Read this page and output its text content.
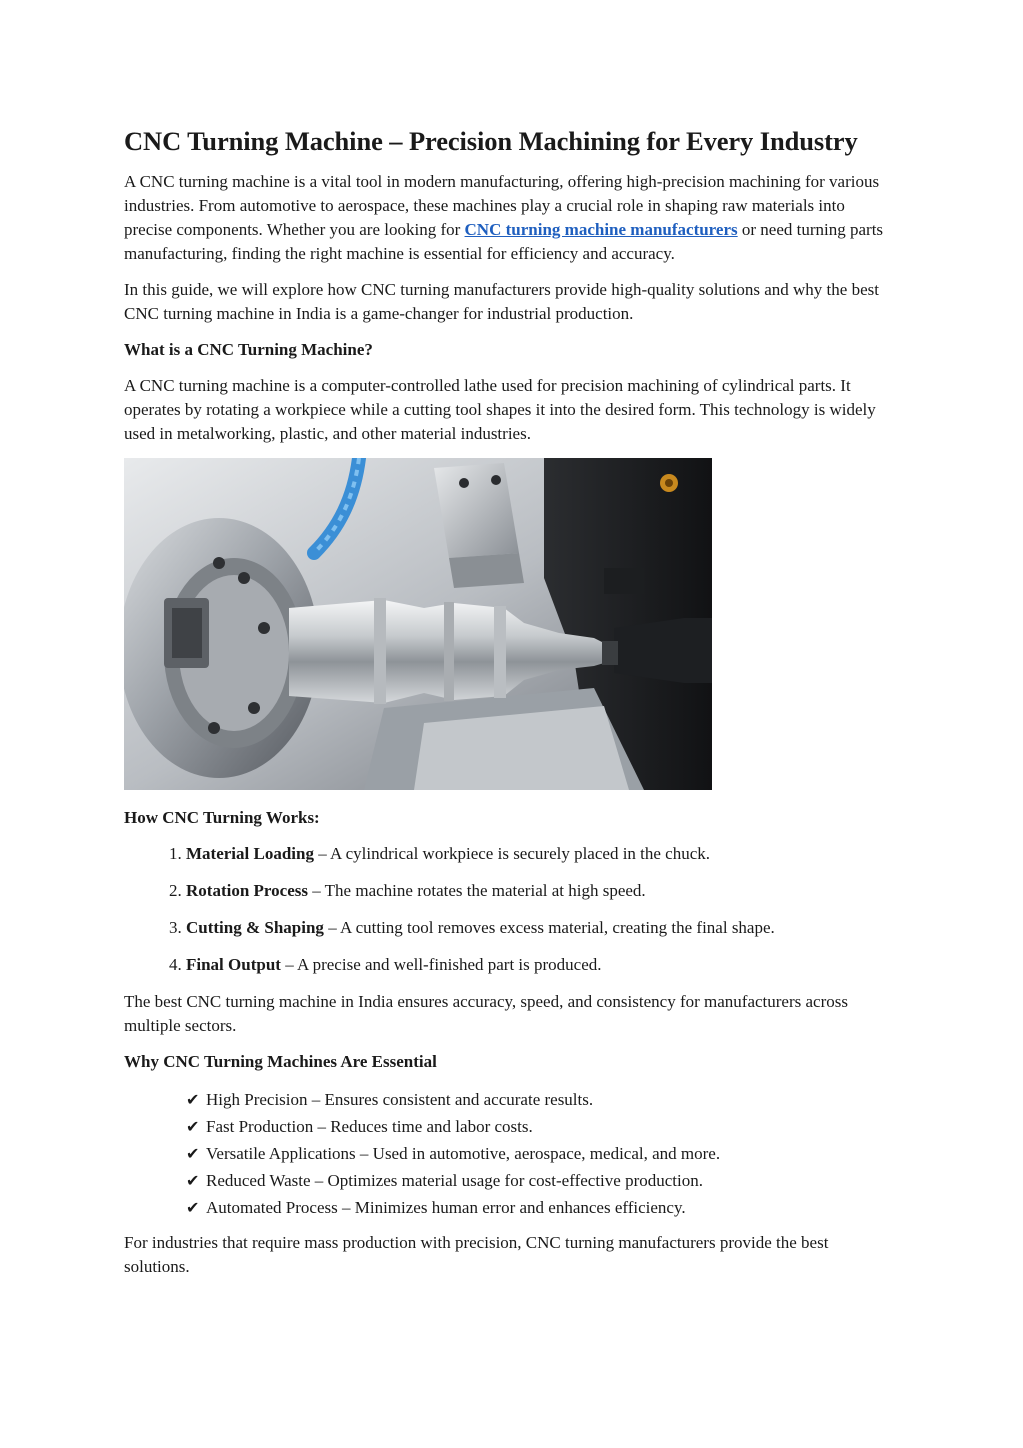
CNC Turning Machine – Precision Machining for Every Industry

A CNC turning machine is a vital tool in modern manufacturing, offering high-precision machining for various industries. From automotive to aerospace, these machines play a crucial role in shaping raw materials into precise components. Whether you are looking for CNC turning machine manufacturers or need turning parts manufacturing, finding the right machine is essential for efficiency and accuracy.

In this guide, we will explore how CNC turning manufacturers provide high-quality solutions and why the best CNC turning machine in India is a game-changer for industrial production.

What is a CNC Turning Machine?

A CNC turning machine is a computer-controlled lathe used for precision machining of cylindrical parts. It operates by rotating a workpiece while a cutting tool shapes it into the desired form. This technology is widely used in metalworking, plastic, and other material industries.

How CNC Turning Works:

1. Material Loading – A cylindrical workpiece is securely placed in the chuck.
2. Rotation Process – The machine rotates the material at high speed.
3. Cutting & Shaping – A cutting tool removes excess material, creating the final shape.
4. Final Output – A precise and well-finished part is produced.

The best CNC turning machine in India ensures accuracy, speed, and consistency for manufacturers across multiple sectors.

Why CNC Turning Machines Are Essential

✔ High Precision – Ensures consistent and accurate results.
✔ Fast Production – Reduces time and labor costs.
✔ Versatile Applications – Used in automotive, aerospace, medical, and more.
✔ Reduced Waste – Optimizes material usage for cost-effective production.
✔ Automated Process – Minimizes human error and enhances efficiency.

For industries that require mass production with precision, CNC turning manufacturers provide the best solutions.
